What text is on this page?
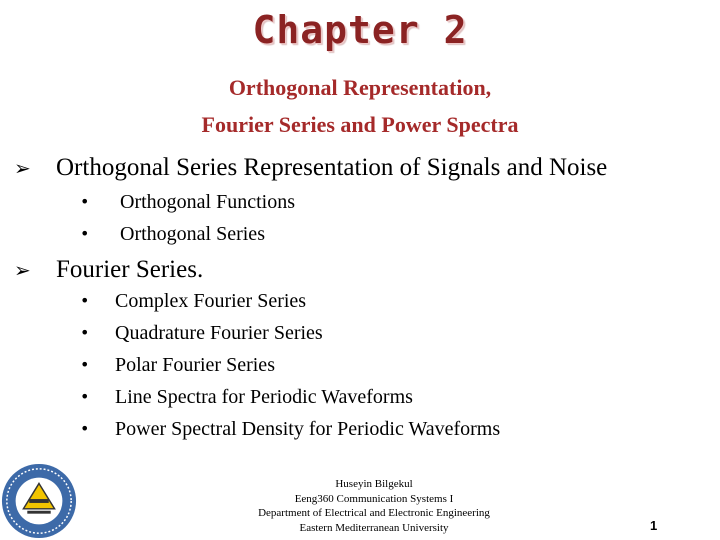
Chapter 2
Orthogonal Representation,
Fourier Series and Power Spectra
➢	Orthogonal Series Representation of Signals and Noise
• Orthogonal Functions
• Orthogonal Series
➢	Fourier Series.
• Complex Fourier Series
• Quadrature Fourier Series
• Polar Fourier Series
• Line Spectra for Periodic Waveforms
• Power Spectral Density for Periodic Waveforms
Huseyin Bilgekul
Eeng360 Communication Systems I
Department of Electrical and Electronic Engineering
Eastern Mediterranean University	1
